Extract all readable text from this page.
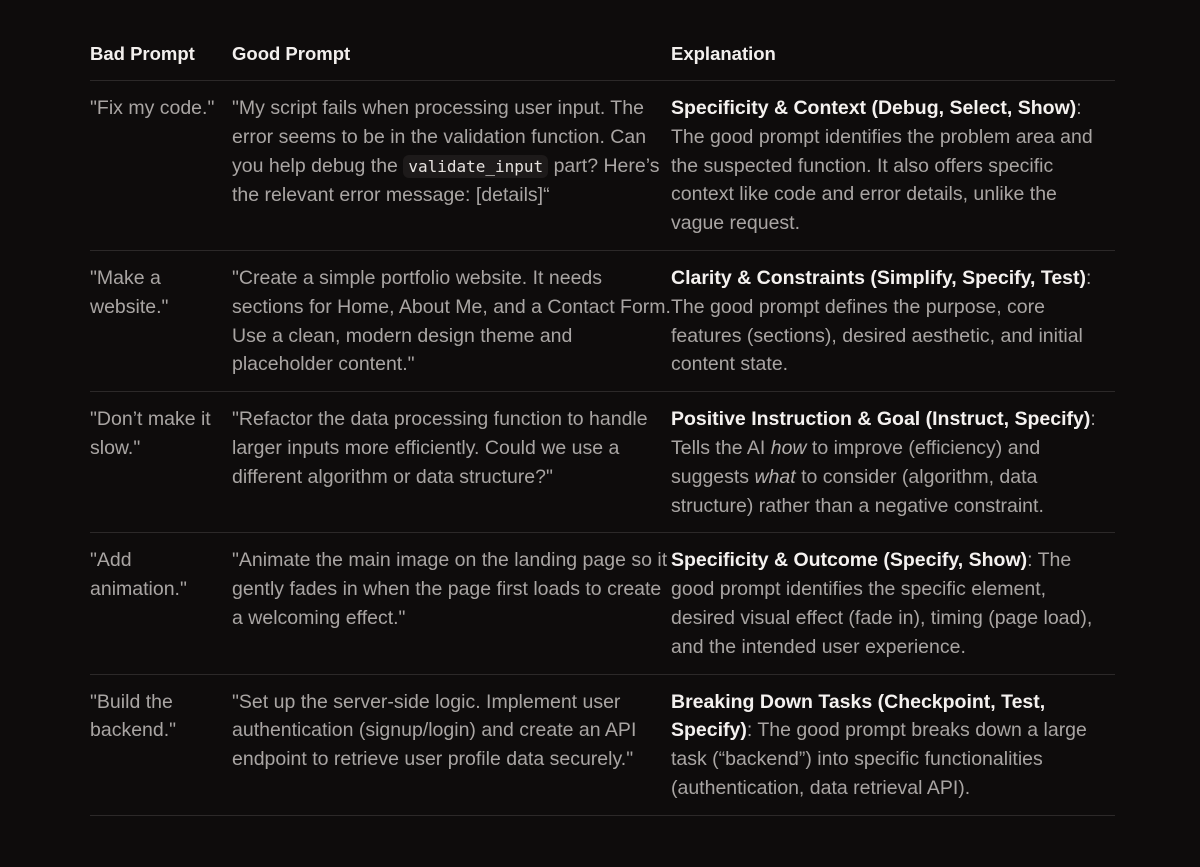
Bad Prompt	Good Prompt	Explanation
"Fix my code." "My script fails when processing user input. The error seems to be in the validation function. Can you help debug the validate_input part? Here’s the relevant error message: [details]“
Specificity & Context (Debug, Select, Show): The good prompt identifies the problem area and the suspected function. It also offers specific context like code and error details, unlike the vague request.
"Make a website."
"Create a simple portfolio website. It needs sections for Home, About Me, and a Contact Form. Use a clean, modern design theme and placeholder content."
Clarity & Constraints (Simplify, Specify, Test): The good prompt defines the purpose, core features (sections), desired aesthetic, and initial content state.
"Don’t make it slow."
"Refactor the data processing function to handle larger inputs more efficiently. Could we use a different algorithm or data structure?"
Positive Instruction & Goal (Instruct, Specify): Tells the AI how to improve (efficiency) and suggests what to consider (algorithm, data structure) rather than a negative constraint.
"Add animation."
"Animate the main image on the landing page so it gently fades in when the page first loads to create a welcoming effect."
Specificity & Outcome (Specify, Show): The good prompt identifies the specific element, desired visual effect (fade in), timing (page load), and the intended user experience.
"Build the backend."
"Set up the server-side logic. Implement user authentication (signup/login) and create an API endpoint to retrieve user profile data securely."
Breaking Down Tasks (Checkpoint, Test, Specify): The good prompt breaks down a large task (“backend”) into specific functionalities (authentication, data retrieval API).
